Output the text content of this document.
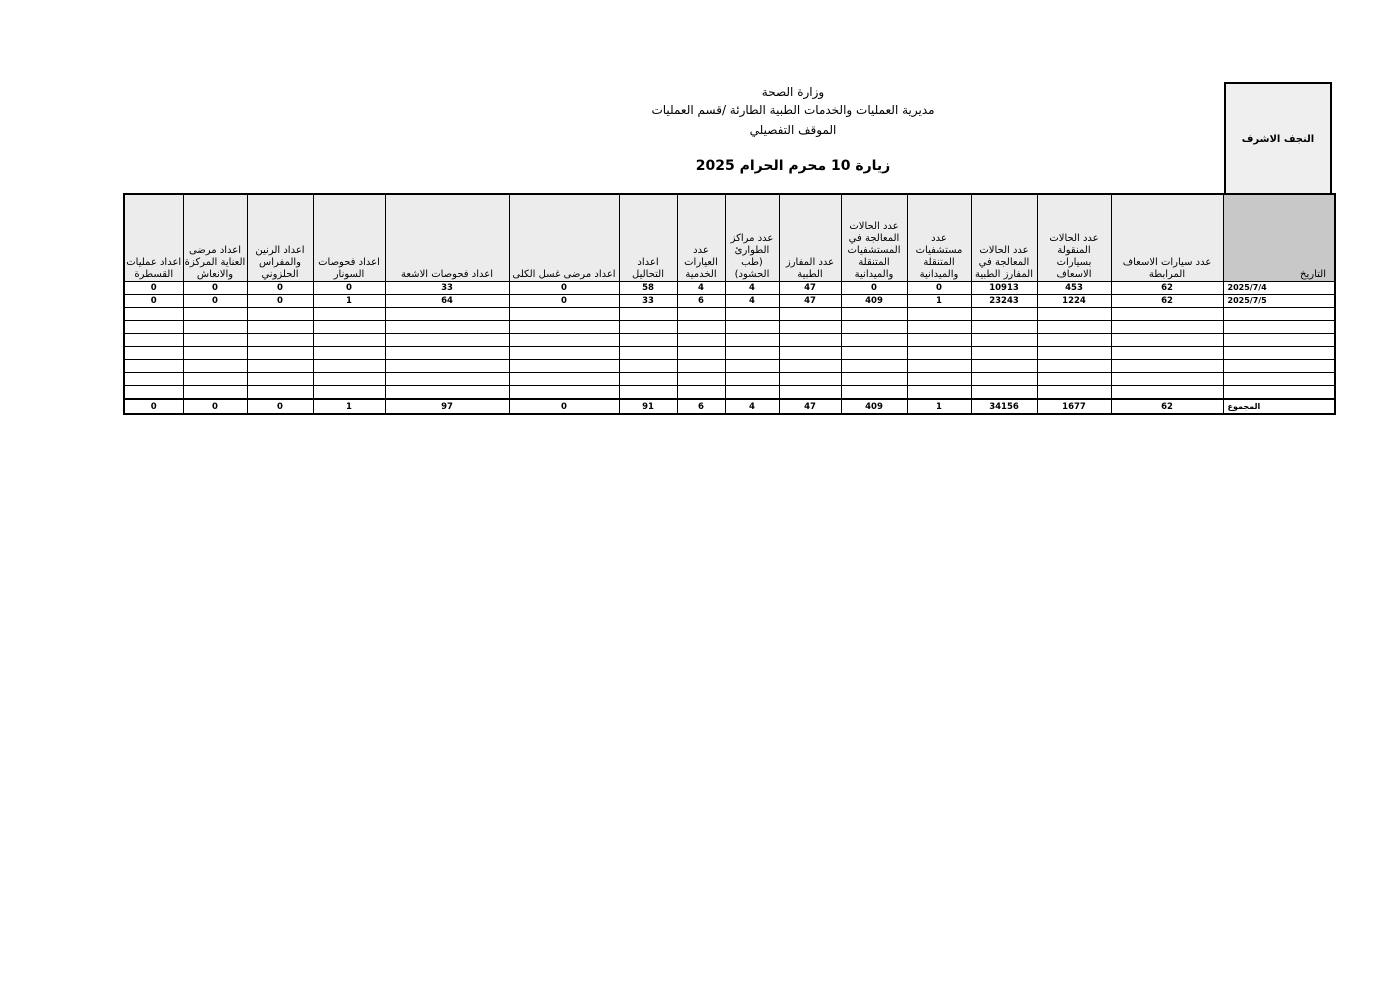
وزارة الصحة
مديرية العمليات والخدمات الطبية الطارئة /قسم العمليات
الموقف التفصيلي
زيارة 10 محرم الحرام 2025
النجف الاشرف
التاريخ	عدد سيارات الاسعاف المرابطة	عدد الحالات المنقولة بسيارات الاسعاف	عدد الحالات المعالجة في المفارز الطبية	عدد مستشفيات المتنقلة والميدانية	عدد الحالات المعالجة في المستشفيات المتنقلة والميدانية	عدد المفارز الطبية	عدد مراكز الطوارئ (طب الحشود)	عدد العيارات الخدمية	اعداد التحاليل	اعداد مرضى غسل الكلى	اعداد فحوصات الاشعة	اعداد فحوصات السونار	اعداد الرنين والمفراس الحلزوني	اعداد مرضى العناية المركزة والانعاش	اعداد عمليات القسطرة
2025/7/4	62	453	10913	0	0	47	4	4	58	0	33	0	0	0	0
2025/7/5	62	1224	23243	1	409	47	4	6	33	0	64	1	0	0	0

المجموع	62	1677	34156	1	409	47	4	6	91	0	97	1	0	0	0
